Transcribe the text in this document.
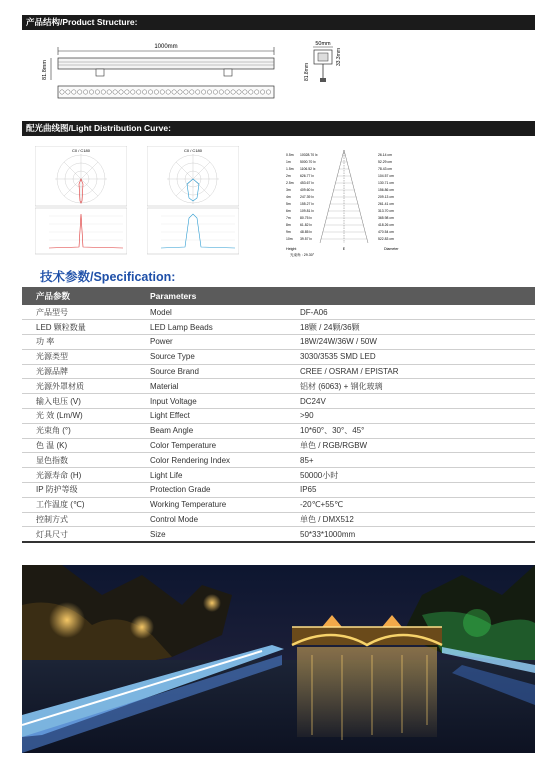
产品结构/Product Structure:
1000mm
81.8mm
50mm
33.3mm
81.8mm
配光曲线图/Light Distribution Curve:
C0 / C180	C0 / C180
0.5m 10028.70 lx	26.14 cm
1m	5000.70 lx	52.29 cm
1.5m 1106.52 lx	78.43 cm
2m	626.77 lx	104.57 cm
2.5m 453.67 lx	130.71 cm
3m	409.60 lx	156.86 cm
4m	247.39 lx	209.13 cm
5m	155.27 lx	261.41 cm
6m	109.81 lx	313.70 cm
7m	80.75 lx	365.98 cm
8m	61.82 lx	418.26 cm
9m	48.85 lx	470.54 cm
10m 39.57 lx	522.83 cm
Height	E	Diameter
光束角 : 29.30°
技术参数/Specification:
产品参数	Parameters	
产品型号	Model	DF-A06
LED 颗粒数量	LED Lamp Beads	18颗 / 24颗/36颗
功 率	Power	18W/24W/36W / 50W
光源类型	Source Type	3030/3535 SMD LED
光源品牌	Source Brand	CREE / OSRAM / EPISTAR
光源外罩材质	Material	铝材 (6063) + 钢化玻璃
输入电压 (V)	Input Voltage	DC24V
光 效 (Lm/W)	Light Effect	>90
光束角 (°)	Beam Angle	10*60°、30°、45°
色 温 (K)	Color Temperature	单色 / RGB/RGBW
显色指数	Color Rendering Index	85+
光源寿命 (H)	Light Life	50000小时
IP 防护等级	Protection Grade	IP65
工作温度 (℃)	Working Temperature	-20℃+55℃
控制方式	Control Mode	单色 / DMX512
灯具尺寸	Size	50*33*1000mm
